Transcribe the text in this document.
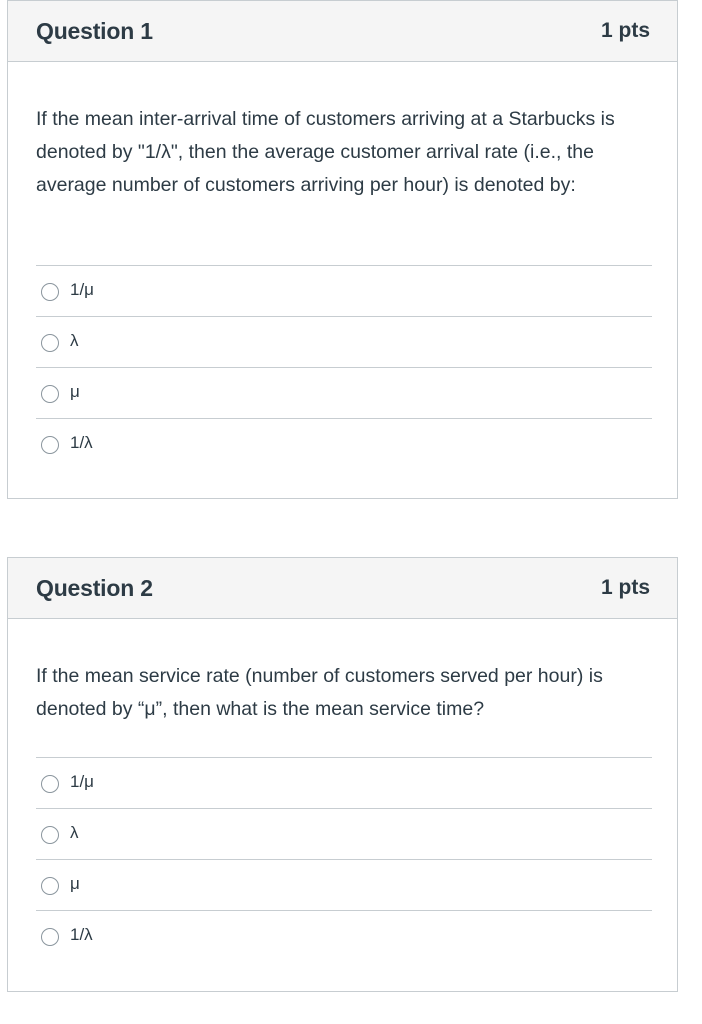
Question 1	1 pts
If the mean inter-arrival time of customers arriving at a Starbucks is denoted by "1/λ", then the average customer arrival rate (i.e., the average number of customers arriving per hour) is denoted by:
1/μ
λ
μ
1/λ
Question 2	1 pts
If the mean service rate (number of customers served per hour) is denoted by “μ”, then what is the mean service time?
1/μ
λ
μ
1/λ
